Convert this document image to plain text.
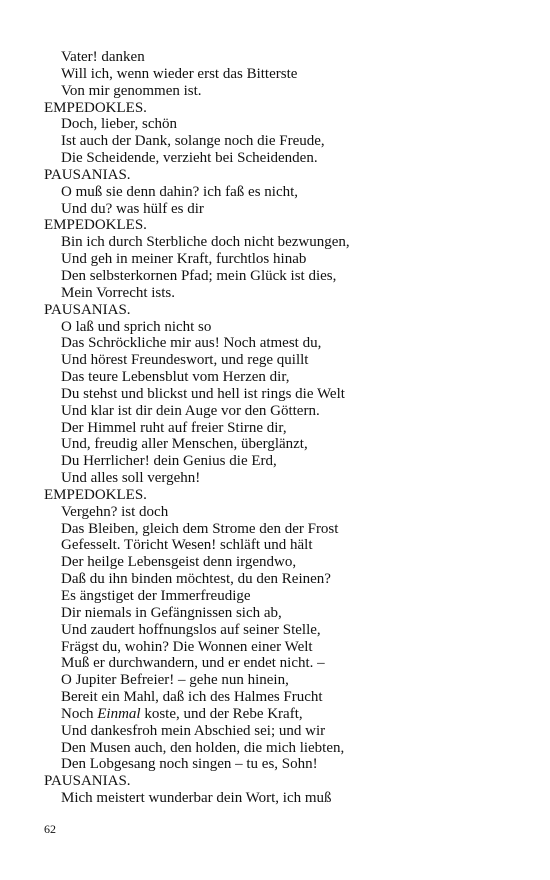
Vater! danken
Will ich, wenn wieder erst das Bitterste
Von mir genommen ist.
EMPEDOKLES.
Doch, lieber, schön
Ist auch der Dank, solange noch die Freude,
Die Scheidende, verzieht bei Scheidenden.
PAUSANIAS.
O muß sie denn dahin? ich faß es nicht,
Und du? was hülf es dir
EMPEDOKLES.
Bin ich durch Sterbliche doch nicht bezwungen,
Und geh in meiner Kraft, furchtlos hinab
Den selbsterkornen Pfad; mein Glück ist dies,
Mein Vorrecht ists.
PAUSANIAS.
O laß und sprich nicht so
Das Schröckliche mir aus! Noch atmest du,
Und hörest Freundeswort, und rege quillt
Das teure Lebensblut vom Herzen dir,
Du stehst und blickst und hell ist rings die Welt
Und klar ist dir dein Auge vor den Göttern.
Der Himmel ruht auf freier Stirne dir,
Und, freudig aller Menschen, überglänzt,
Du Herrlicher! dein Genius die Erd,
Und alles soll vergehn!
EMPEDOKLES.
Vergehn? ist doch
Das Bleiben, gleich dem Strome den der Frost
Gefesselt. Töricht Wesen! schläft und hält
Der heilge Lebensgeist denn irgendwo,
Daß du ihn binden möchtest, du den Reinen?
Es ängstiget der Immerfreudige
Dir niemals in Gefängnissen sich ab,
Und zaudert hoffnungslos auf seiner Stelle,
Frägst du, wohin? Die Wonnen einer Welt
Muß er durchwandern, und er endet nicht. –
O Jupiter Befreier! – gehe nun hinein,
Bereit ein Mahl, daß ich des Halmes Frucht
Noch Einmal koste, und der Rebe Kraft,
Und dankesfroh mein Abschied sei; und wir
Den Musen auch, den holden, die mich liebten,
Den Lobgesang noch singen – tu es, Sohn!
PAUSANIAS.
Mich meistert wunderbar dein Wort, ich muß
62
